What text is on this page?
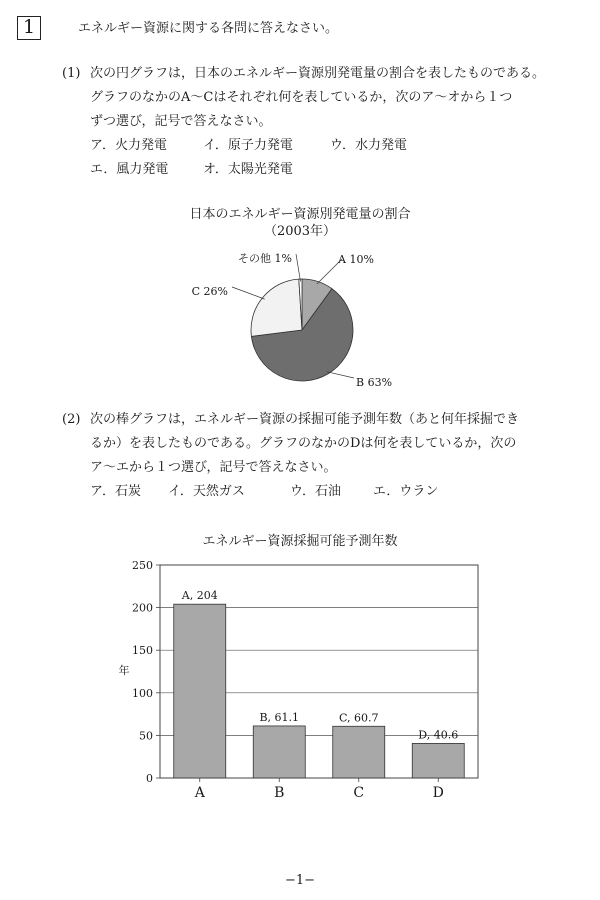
1	エネルギー資源に関する各問に答えなさい。
(1) 次の円グラフは，日本のエネルギー資源別発電量の割合を表したものである。
グラフのなかのA～Cはそれぞれ何を表しているか，次のア～オから１つ
ずつ選び，記号で答えなさい。
ア．火力発電	イ．原子力発電	ウ．水力発電
エ．風力発電	オ．太陽光発電
日本のエネルギー資源別発電量の割合
（2003年）
A 10%
B 63%
C 26%
その他 1%
(2) 次の棒グラフは，エネルギー資源の採掘可能予測年数（あと何年採掘でき
るか）を表したものである。グラフのなかのDは何を表しているか，次の
ア～エから１つ選び，記号で答えなさい。
ア．石炭 イ．天然ガス	ウ．石油 エ．ウラン
エネルギー資源採掘可能予測年数
0
50
100
150
200
250
年
A, 204
A
B, 61.1
B
C, 60.7
C
D, 40.6
D
−1−
